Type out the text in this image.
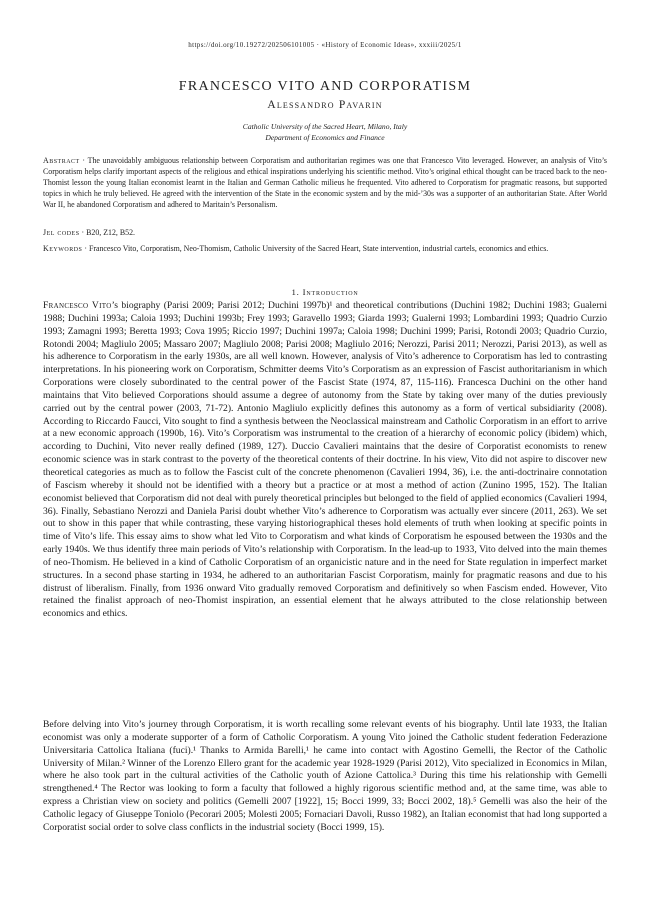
https://doi.org/10.19272/202506101005 · «History of Economic Ideas», xxxiii/2025/1
FRANCESCO VITO AND CORPORATISM
Alessandro Pavarin
Catholic University of the Sacred Heart, Milano, Italy
Department of Economics and Finance
Abstract · The unavoidably ambiguous relationship between Corporatism and authoritarian regimes was one that Francesco Vito leveraged. However, an analysis of Vito’s Corporatism helps clarify important aspects of the religious and ethical inspirations underlying his scientific method. Vito’s original ethical thought can be traced back to the neo-Thomist lesson the young Italian economist learnt in the Italian and German Catholic milieus he frequented. Vito adhered to Corporatism for pragmatic reasons, but supported topics in which he truly believed. He agreed with the intervention of the State in the economic system and by the mid-’30s was a supporter of an authoritarian State. After World War II, he abandoned Corporatism and adhered to Maritain’s Personalism.
Jel codes · B20, Z12, B52.
Keywords · Francesco Vito, Corporatism, Neo-Thomism, Catholic University of the Sacred Heart, State intervention, industrial cartels, economics and ethics.
1. Introduction
Francesco Vito’s biography (Parisi 2009; Parisi 2012; Duchini 1997b)¹ and theoretical contributions (Duchini 1982; Duchini 1983; Gualerni 1988; Duchini 1993a; Caloia 1993; Duchini 1993b; Frey 1993; Garavello 1993; Giarda 1993; Gualerni 1993; Lombardini 1993; Quadrio Curzio 1993; Zamagni 1993; Beretta 1993; Cova 1995; Riccio 1997; Duchini 1997a; Caloia 1998; Duchini 1999; Parisi, Rotondi 2003; Quadrio Curzio, Rotondi 2004; Magliulo 2005; Massaro 2007; Magliulo 2008; Parisi 2008; Magliulo 2016; Nerozzi, Parisi 2011; Nerozzi, Parisi 2013), as well as his adherence to Corporatism in the early 1930s, are all well known. However, analysis of Vito’s adherence to Corporatism has led to contrasting interpretations. In his pioneering work on Corporatism, Schmitter deems Vito’s Corporatism as an expression of Fascist authoritarianism in which Corporations were closely subordinated to the central power of the Fascist State (1974, 87, 115-116). Francesca Duchini on the other hand maintains that Vito believed Corporations should assume a degree of autonomy from the State by taking over many of the duties previously carried out by the central power (2003, 71-72). Antonio Magliulo explicitly defines this autonomy as a form of vertical subsidiarity (2008). According to Riccardo Faucci, Vito sought to find a synthesis between the Neoclassical mainstream and Catholic Corporatism in an effort to arrive at a new economic approach (1990b, 16). Vito’s Corporatism was instrumental to the creation of a hierarchy of economic policy (ibidem) which, according to Duchini, Vito never really defined (1989, 127). Duccio Cavalieri maintains that the desire of Corporatist economists to renew economic science was in stark contrast to the poverty of the theoretical contents of their doctrine. In his view, Vito did not aspire to discover new theoretical categories as much as to follow the Fascist cult of the concrete phenomenon (Cavalieri 1994, 36), i.e. the anti-doctrinaire connotation of Fascism whereby it should not be identified with a theory but a practice or at most a method of action (Zunino 1995, 152). The Italian economist believed that Corporatism did not deal with purely theoretical principles but belonged to the field of applied economics (Cavalieri 1994, 36). Finally, Sebastiano Nerozzi and Daniela Parisi doubt whether Vito’s adherence to Corporatism was actually ever sincere (2011, 263). We set out to show in this paper that while contrasting, these varying historiographical theses hold elements of truth when looking at specific points in time of Vito’s life. This essay aims to show what led Vito to Corporatism and what kinds of Corporatism he espoused between the 1930s and the early 1940s. We thus identify three main periods of Vito’s relationship with Corporatism. In the lead-up to 1933, Vito delved into the main themes of neo-Thomism. He believed in a kind of Catholic Corporatism of an organicistic nature and in the need for State regulation in imperfect market structures. In a second phase starting in 1934, he adhered to an authoritarian Fascist Corporatism, mainly for pragmatic reasons and due to his distrust of liberalism. Finally, from 1936 onward Vito gradually removed Corporatism and definitively so when Fascism ended. However, Vito retained the finalist approach of neo-Thomist inspiration, an essential element that he always attributed to the close relationship between economics and ethics.
Before delving into Vito’s journey through Corporatism, it is worth recalling some relevant events of his biography. Until late 1933, the Italian economist was only a moderate supporter of a form of Catholic Corporatism. A young Vito joined the Catholic student federation Federazione Universitaria Cattolica Italiana (fuci).¹ Thanks to Armida Barelli,¹ he came into contact with Agostino Gemelli, the Rector of the Catholic University of Milan.² Winner of the Lorenzo Ellero grant for the academic year 1928-1929 (Parisi 2012), Vito specialized in Economics in Milan, where he also took part in the cultural activities of the Catholic youth of Azione Cattolica.³ During this time his relationship with Gemelli strengthened.⁴ The Rector was looking to form a faculty that followed a highly rigorous scientific method and, at the same time, was able to express a Christian view on society and politics (Gemelli 2007 [1922], 15; Bocci 1999, 33; Bocci 2002, 18).⁵ Gemelli was also the heir of the Catholic legacy of Giuseppe Toniolo (Pecorari 2005; Molesti 2005; Fornaciari Davoli, Russo 1982), an Italian economist that had long supported a Corporatist social order to solve class conflicts in the industrial society (Bocci 1999, 15).
